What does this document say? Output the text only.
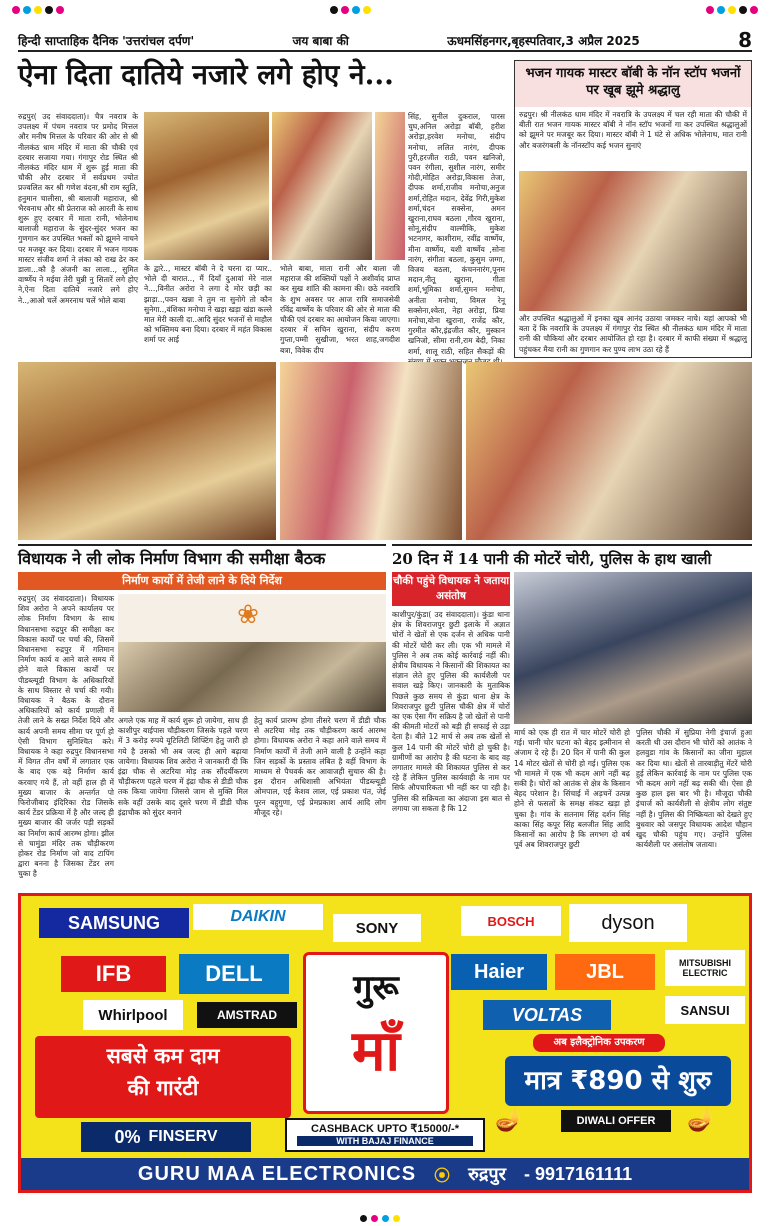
हिन्दी साप्ताहिक दैनिक 'उत्तरांचल दर्पण'	जय बाबा की	ऊधमसिंहनगर,बृहस्पतिवार,3 अप्रैल 2025	8
ऐना दिता दातिये नजारे लगे होए ने...
रुद्रपुर( उद संवाददाता)। चैत्र नवरात्र के उपलक्ष्य में पंचम नवरात्र पर प्रमोद मित्तल और मनीष मित्तल के परिवार की ओर से श्री नीलकंठ धाम मंदिर में माता की चौकी एवं दरबार सजाया गया। गंगापुर रोड स्थित श्री नीलकंठ मंदिर धाम में शुरू हुई माता की चौकी और दरबार में सर्वप्रथम ज्योत प्रज्वलित कर श्री गणेश वंदना,श्री राम स्तुति, हनुमान चालीसा, श्री बालाजी महाराज, श्री भैरवनाथ और श्री प्रेतराज को आरती के साथ शुरू हुए दरबार में माता रानी, भोलेनाथ बालाजी महाराज के सुंदर-सुंदर भजन का गुणगान कर उपस्थित भक्तों को झूमने नाचने पर मजबूर कर दिया। दरबार में भजन गायक मास्टर संजीव शर्मा ने लंका को राख ढेर कर डाला...कौ है अंजनी का लाला.., सुमित वार्ष्णेय ने मईया तेरी चुन्नी नु सितारें लगे होए ने,ऐना दिता दातिये नजारे लगे होए ने..,आओ चलें अमरनाथ चलें भोले बाबा
के द्वारे.., मास्टर बॉबी ने दे चरना दा प्यार.. भोले दी बारात.., मैं दियाँ दुआवां मेरे नाल ने...,विनीत अरोरा ने लगा दे मोर छड़ी का झाड़ा..,पवन खन्ना ने तुम ना सुनोगे तो कौन सुनेगा..,वंशिका मनोचा ने खड़ा खड़ा खंडा कल्ले मात मेरी काली दा..आदि सुंदर भजनों से माहौल को भक्तिमय बना दिया। दरबार में महंत विकास शर्मा पर आई
भोले बाबा, माता रानी और बाला जी महाराज की शक्तियों पक्षों ने अशीर्वाद प्राप्त कर सुख शांति की कामना की। छठे नवरात्रि के शुभ अवसर पर आज रात्रि समाजसेवी रविंद्र वार्ष्णेय के परिवार की ओर से माता की चौकी एवं दरबार का आयोजन किया जाएगा। दरबार में सचिन खुराना, संदीप करण गुप्ता,पम्मी सुखीजा, भरत शाह,जगदीश बत्रा, विवेक दीप
सिंह, सुनील दुकराल, पारस चुघ,अनिल अरोड़ा बॉबी, हरीश अरोड़ा,हरवेश मनोचा, संदीप मनोचा, ललित नारंग, दीपक पुरी,हरजीत राठी, पवन खनिजो, पवन रंगीला, सुशील नारंग, समीर गोदी,मोहित अरोड़ा,विकास तेजा, दीपक शर्मा,राजीव मनोचा,अनुज शर्मा,रोहित मदान, देवेंद्र गिरी,मुकेश शर्मा,चंदन सक्सेना, अमन खुराना,राघव बठला ,गौरव खुराना, सोनू,संदीप वाल्मीकि, मुकेश भटनागर, काशीराम, रवींद्र वार्ष्णेय, मीना वार्ष्णेय, यशी वार्ष्णेय ,सोना नारंग, संगीता बठला, कुसुम जग्गा, विजय बठला, कंचननारंग,पूनम मदान,नीतू खुराना, गीता शर्मा,भूमिका शर्मा,सुमन मनोचा, अनीता मनोचा, विमल रेनू सक्सेना,श्वेता, नेहा अरोड़ा, प्रिया मनोचा,योना खुराना, राजेंद्र कौर, गुरमीत कौर,इंद्रजीत कौर, मुस्कान खनिजो, सीमा रानी,राम बेदी, निका शर्मा, शालू राठी, सहित सैकड़ों की
भजन गायक मास्टर बॉबी के नॉन स्टॉप भजनों पर खूब झूमे श्रद्धालु
रुद्रपुर। श्री नीलकंठ धाम मंदिर में नवरात्रि के उपलक्ष्य में चल रही माता की चौकी में बीती रात भजन गायक मास्टर बॉबी ने नॉन स्टॉप भजनों गा कर उपस्थित श्रद्धालुओं को झूमने पर मजबूर कर दिया। मास्टर बॉबी ने 1 घंटे से अधिक भोलेनाथ, मात रानी और बजरंगबली के नॉनस्टॉप कई भजन सुनाएं
और उपस्थित श्रद्धालुओं में इनका खूब आनंद उठाया जमकर नाचे। यहां आपको भी बता दें कि नवरात्रि के उपलक्ष्य में गंगापुर रोड स्थित श्री नीलकंठ धाम मंदिर में माता रानी की चौकियां और दरबार आयोजित हो रहा है। दरबार में काफी संख्या में श्रद्धालु पहुंचकर मैया रानी का गुणगान कर पुण्य लाभ उठा रहे हैं
विधायक ने ली लोक निर्माण विभाग की समीक्षा बैठक
निर्माण कार्यो में तेजी लाने के दिये निर्देश
रुद्रपुर( उद संवाददाता)। विधायक शिव अरोरा ने अपने कार्यालय पर लोक निर्माण विभाग के साथ विधानसभा रुद्रपुर की समीक्षा कर विकास कार्यों पर चर्चा की, जिसमें विधानसभा रुद्रपुर में गतिमान निर्माण कार्य व आने वाले समय में होने वाले विकास कार्यों पर पीडब्ल्यूडी विभाग के अधिकारियों के साथ विस्तार से चर्चा की गयी। विधायक ने बैठक के दौरान अधिकारियों को कार्य प्रणाली में तेजी लाने के सख्त निर्देश दिये और कार्य अपनी समय सीमा पर पूर्ण हो ऐसी विभाग सुनिश्चित करे। विधायक ने कहा रुद्रपुर विधानसभा में विगत तीन वर्षों में लगातार एक के बाद एक बड़े निर्माण कार्य करवाए गये हैं, तो वहीं हाल ही में मुख्य बाजार के अन्तर्गत पो फिरोजीबाद इंदिरिका रोड जिसके कार्य टेंडर प्रक्रिया में है और जल्द ही मुख्य बाजार की जर्जर पड़ी सड़कों का निर्माण कार्य आरम्भ होगा। झील से चामुंडा मंदिर तक चौड़ीकरण होकर रोड निर्माण जो वाद टापिंग द्वारा बनना है जिसका टेंडर लग चुका है
❀
अगले एक माह में कार्य शुरू हो जायेगा, साथ ही काशीपुर बाईपास चौड़ीकरण जिसके पहले चरण में 3 करोड़ रुपये यूटिलिटी शिफ्टिंग हेतु जारी हो गये है उसको भी अब जल्द ही आगे बढ़ाया जायेगा। विधायक शिव अरोरा ने जानकारी दी कि इंद्रा चौक से अटरिया मोड़ तक सौंदर्यीकरण चौड़ीकरण पहले चरण में इंद्रा चौक से डीडी चौक तक किया जायेगा जिससे जाम से मुक्ति मिल सके वहीं उसके बाद दूसरे चरण में डीडी चौक इंद्राचौक को सुंदर बनाने
हेतु कार्य प्रारम्भ होगा तीसरे चरण में डीडी चौक से अटरिया मोड़ तक चौड़ीकरण कार्य आरम्भ होगा। विधायक अरोरा ने कहा आने वाले समय में निर्माण कार्यों में तेजी आने वाली है उन्होंने कहा जिन सड़कों के प्रस्ताव लंबित है वहीं विभाग के माध्यम से पैचवर्क कर आवाजही सुचारु की है। इस दौरान अधिशासी अभियंता पीडब्ल्यूडी ओमपाल, एई केशव लाल, एई प्रकाश पंत, जेई पूरन बहुगुणा, एई प्रेमप्रकाश आर्य आदि लोग मौजूद रहे।
20 दिन में 14 पानी की मोटरें चोरी, पुलिस के हाथ खाली
चौकी पहुंचे विधायक ने जताया असंतोष
काशीपुर/कुंडा( उद संवाददाता)। कुंडा थाना क्षेत्र के शिवराजपुर छुटी इलाके में अज्ञात चोरों ने खेतों से एक दर्जन से अधिक पानी की मोटरें चोरी कर ली। एक भी मामले में पुलिस ने अब तक कोई कार्रवाई नहीं की। क्षेत्रीय विधायक ने किसानों की शिकायत का संज्ञान लेते हुए पुलिस की कार्यशैली पर सवाल खड़े किए। जानकारी के मुताबिक पिछले कुछ समय से कुंडा थाना क्षेत्र के शिवराजपुर छुटी पुलिस चौकी क्षेत्र में चोरों का एक ऐसा गैंग सक्रिय है जो खेतों से पानी की कीमती मोटरों को बड़ी ही सफाई से उड़ा देता है। बीते 12 मार्च से अब तक खेतों से कुल 14 पानी की मोटरें चोरी हो चुकी है। ग्रामीणों का आरोप है की घटना के बाद वह लगातार मामले की शिकायत पुलिस से कर रहे हैं लेकिन पुलिस कार्यवाही के नाम पर सिर्फ औपचारिकता भी नहीं कर पा रही है। पुलिस की सक्रियता का अंदाजा इस बात से लगाया जा सकता है कि 12
मार्च को एक ही रात में चार मोटरें चोरी हो गई। चानी चोर घटना को बेहद इत्मीनान से अंजाम दे रहे हैं। 20 दिन में पानी की कुल 14 मोटर खेतों से चोरी हो गई। पुलिस एक भी मामले में एक भी कदम आगे नहीं बढ़ सकी है। चोरों को आतंक से क्षेत्र के किसान बेहद परेशान है। सिंचाई में अड़चनें उत्पन्न होने से फसलों के समक्ष संकट खड़ा हो चुका है। गांव के सतनाम सिंह दर्शन सिंह काका सिंह कपूर सिंह बलजीत सिंह आदि किसानों का आरोप है कि लगभग दो वर्ष पूर्व अब शिवराजपुर छुटी
पुलिस चौकी में सुप्रिया नेगी इंचार्ज हुआ करती थी उस दौरान भी चोरों को आतंक ने हलवुडा गांव के किसानों का जीना मुहाल कर दिया था। खेतों से तारबाड़ीतु मेंटरें चोरी हुई लेकिन कार्रवाई के नाम पर पुलिस एक भी कदम आगे नहीं बढ़ सकी थी। ऐसा ही कुछ हाल इस बार भी है। मौजूदा चौकी इंचार्ज को कार्यशैली से क्षेत्रीय लोग संतुष्ट नहीं है। पुलिस की निष्क्रियता को देखते हुए बुधवार को जसपुर विधायक आदेश चौहान खुद चौकी पहुंच गए। उन्होंने पुलिस कार्यशैली पर असंतोष जताया।
SAMSUNG	DAIKIN
IFB	DELL
Whirlpool	AMSTRAD
SONY	BOSCH	dyson
Haier	JBL
VOLTAS
MITSUBISHI ELECTRIC
SANSUI
गुरू
माँ
सबसे कम दाम
की गारंटी
0% FINSERV	CASHBACK UPTO ₹15000/-*
WITH BAJAJ FINANCE
अब इलैक्ट्रोनिक उपकरण
मात्र ₹890 से शुरु
DIWALI OFFER
🪔	🪔
GURU MAA ELECTRONICS ⦿ रुद्रपुर - 9917161111
